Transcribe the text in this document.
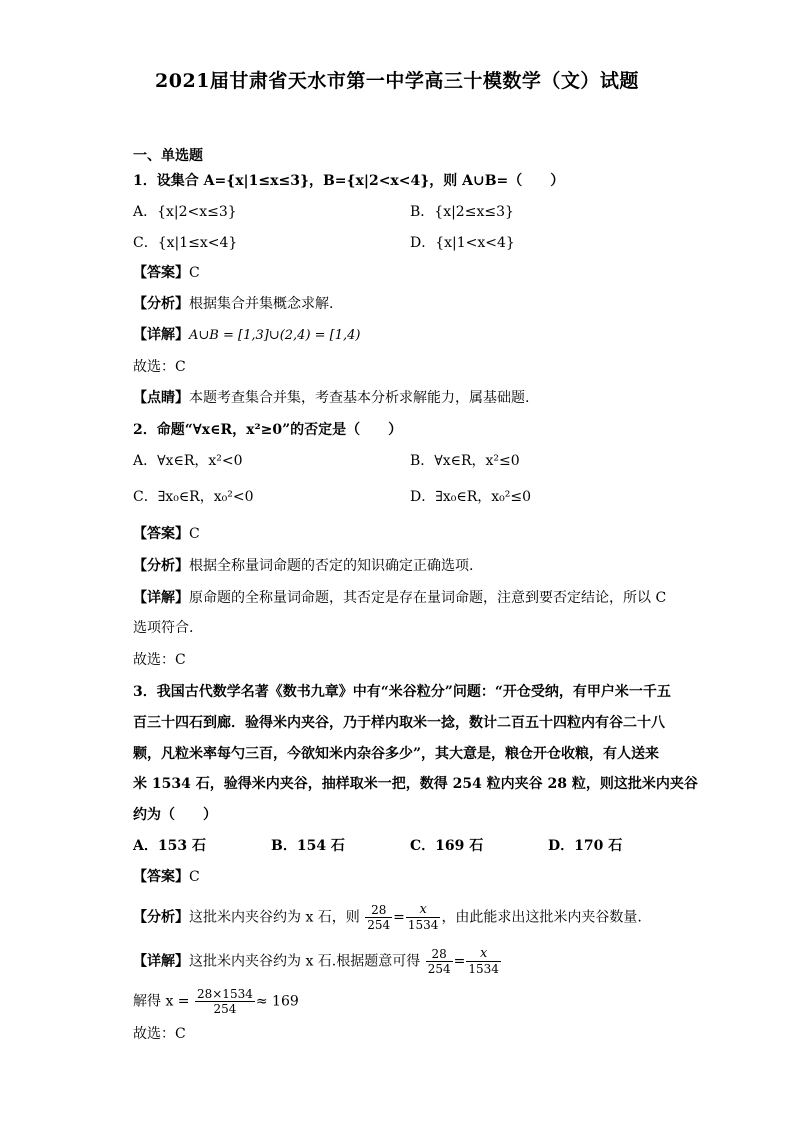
2021届甘肃省天水市第一中学高三十模数学（文）试题
一、单选题
1．设集合 A={x|1≤x≤3}，B={x|2<x<4}，则 A∪B=（　　）
A．{x|2<x≤3}	B．{x|2≤x≤3}
C．{x|1≤x<4}	D．{x|1<x<4}
【答案】C
【分析】根据集合并集概念求解.
【详解】A∪B = [1,3]∪(2,4) = [1,4)
故选：C
【点睛】本题考查集合并集，考查基本分析求解能力，属基础题.
2．命题“∀x∈R，x²≥0”的否定是（　　）
A．∀x∈R，x²<0	B．∀x∈R，x²≤0
C．∃x₀∈R，x₀²<0	D．∃x₀∈R，x₀²≤0
【答案】C
【分析】根据全称量词命题的否定的知识确定正确选项.
【详解】原命题的全称量词命题，其否定是存在量词命题，注意到要否定结论，所以 C
选项符合.
故选：C
3．我国古代数学名著《数书九章》中有“米谷粒分”问题：“开仓受纳，有甲户米一千五
百三十四石到廊．验得米内夹谷，乃于样内取米一捻，数计二百五十四粒内有谷二十八
颗，凡粒米率每勺三百，今欲知米内杂谷多少”，其大意是，粮仓开仓收粮，有人送来
米 1534 石，验得米内夹谷，抽样取米一把，数得 254 粒内夹谷 28 粒，则这批米内夹谷
约为（　　）
A．153 石	B．154 石	C．169 石	D．170 石
【答案】C
【分析】这批米内夹谷约为 x 石，则 $\frac{28}{254} = \frac{x}{1534}$ ，由此能求出这批米内夹谷数量.
【详解】这批米内夹谷约为 x 石.根据题意可得 $\frac{28}{254} = \frac{x}{1534}$
解得 $x = \frac{28\times 1534}{254} \approx 169$
故选：C
